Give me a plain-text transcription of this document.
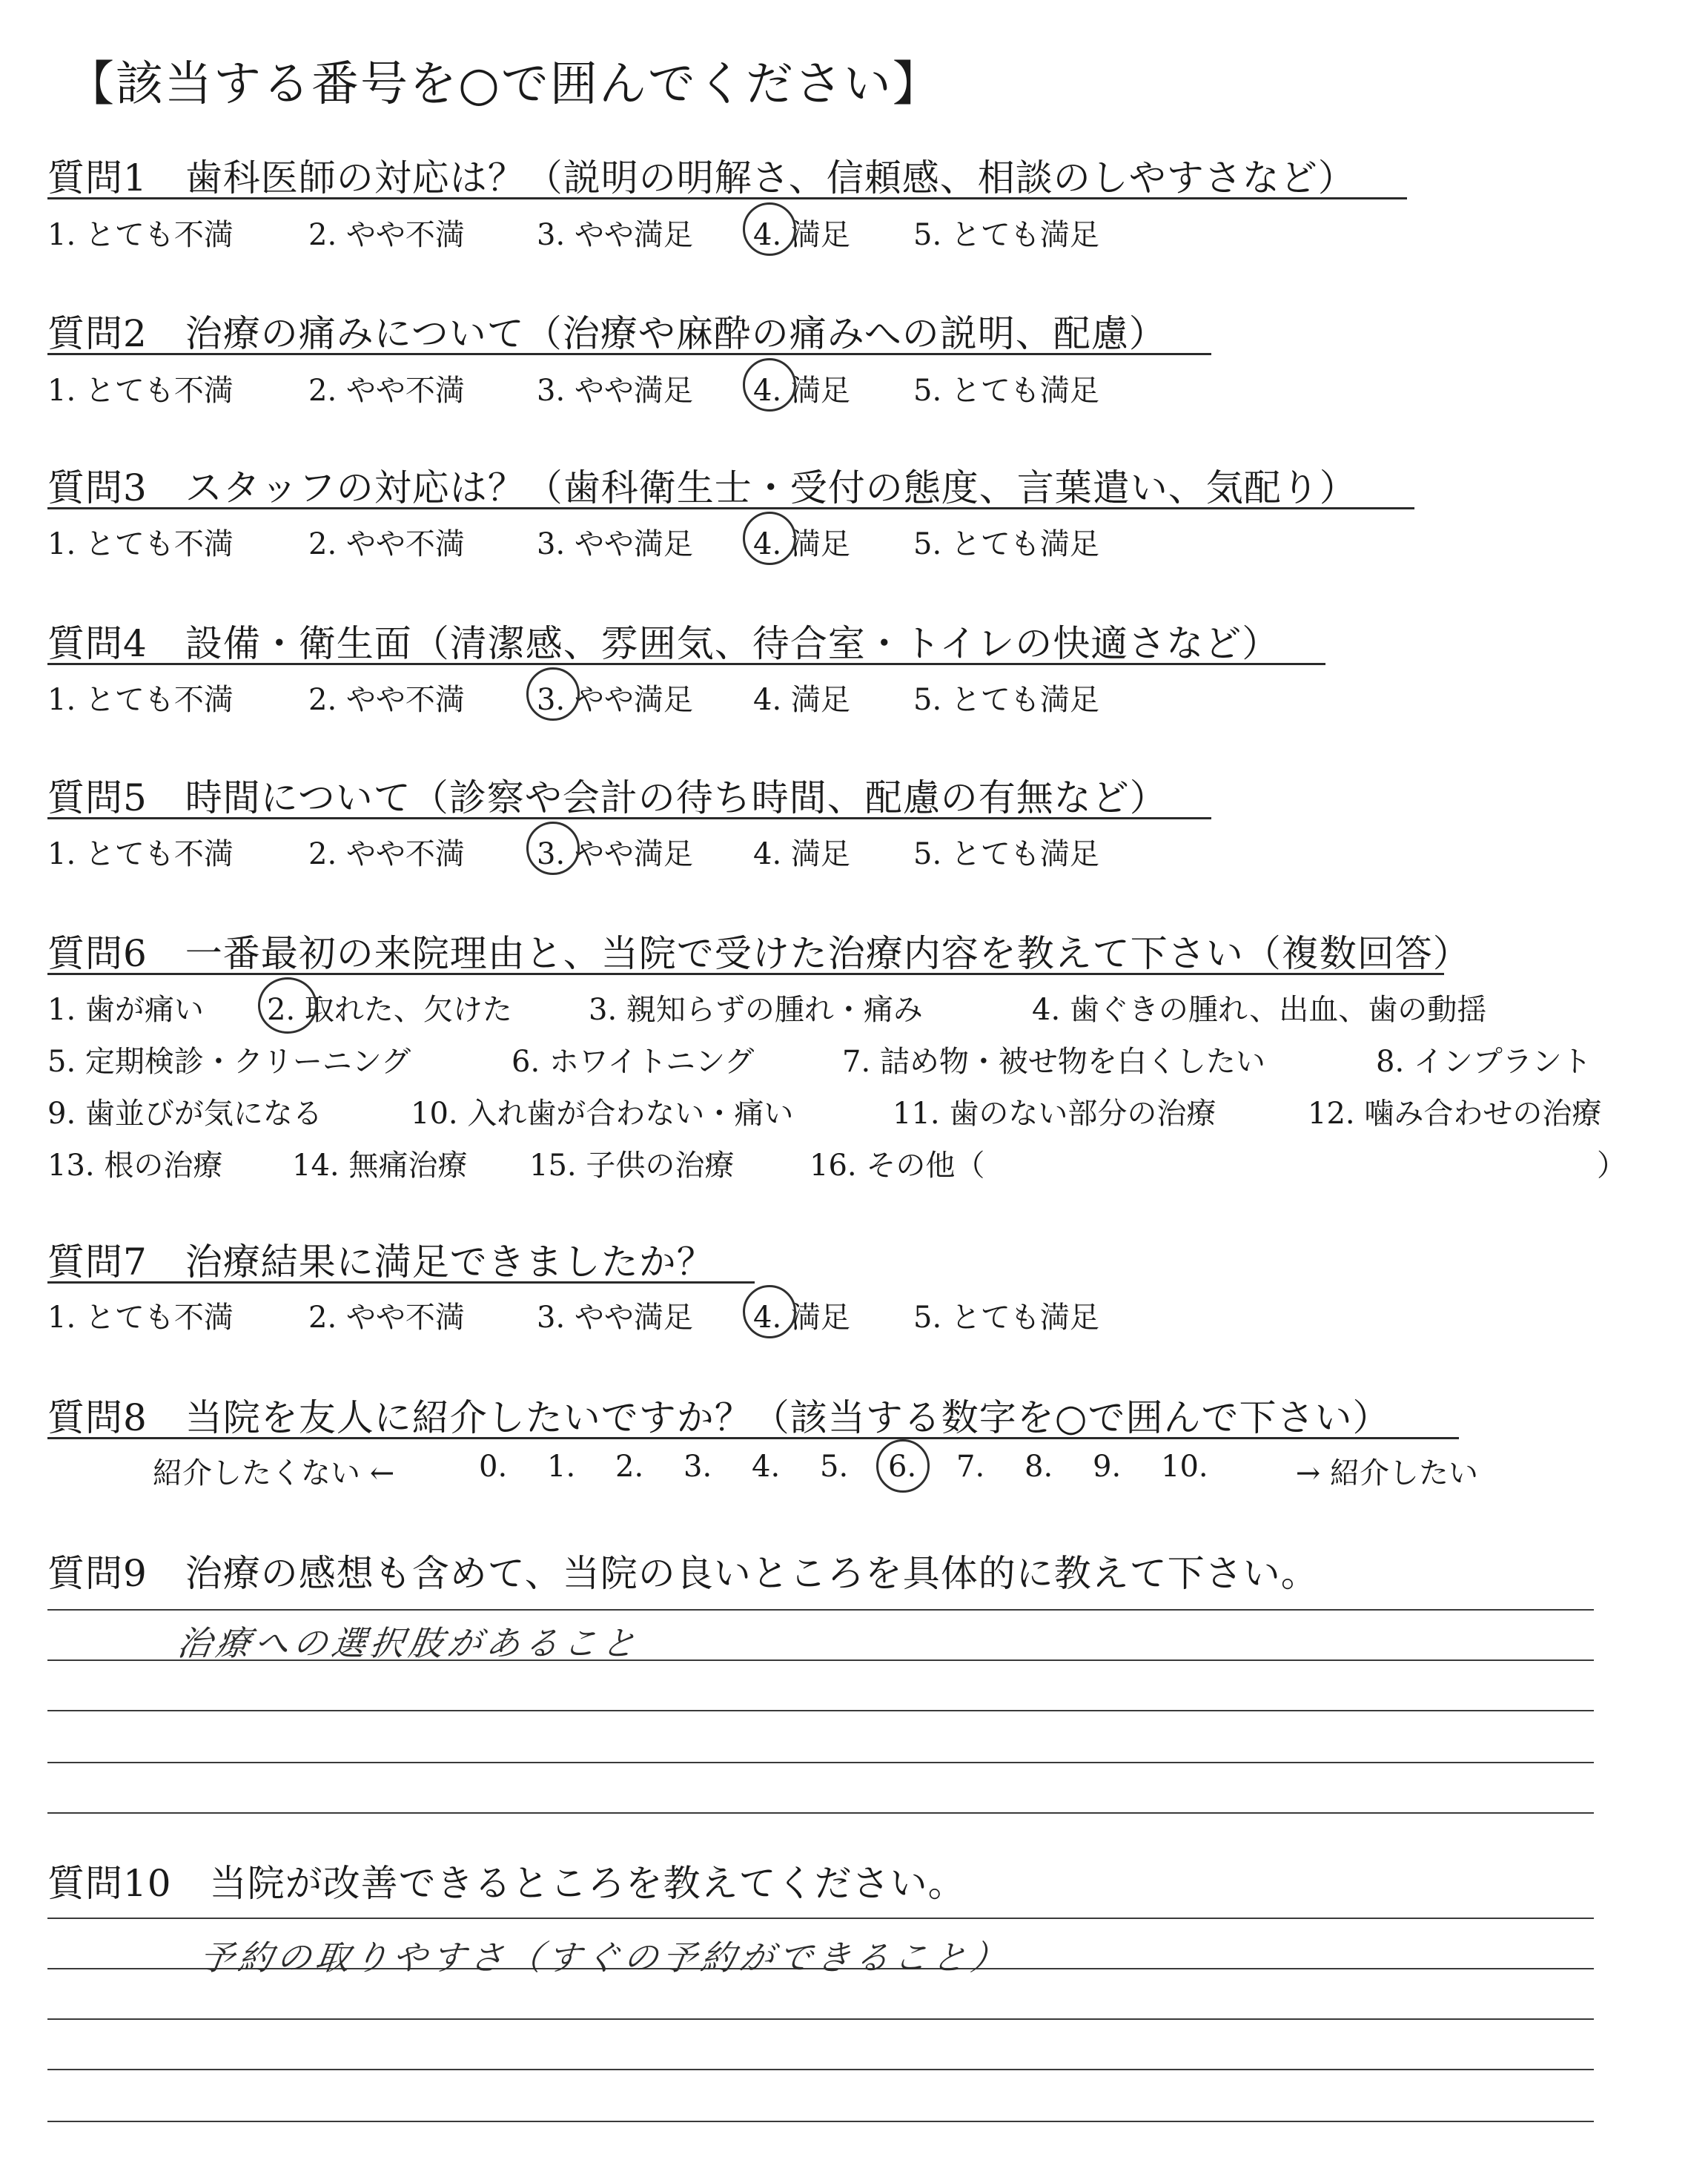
【該当する番号を○で囲んでください】
質問1　歯科医師の対応は？（説明の明解さ、信頼感、相談のしやすさなど）
1. とても不満	2. やや不満 3. やや満足 4. 満足 5. とても満足
質問2　治療の痛みについて（治療や麻酔の痛みへの説明、配慮）
1. とても不満	2. やや不満 3. やや満足 4. 満足 5. とても満足
質問3　スタッフの対応は？（歯科衛生士・受付の態度、言葉遣い、気配り）
1. とても不満	2. やや不満 3. やや満足 4. 満足 5. とても満足
質問4　設備・衛生面（清潔感、雰囲気、待合室・トイレの快適さなど）
1. とても不満	2. やや不満 3. やや満足 4. 満足 5. とても満足
質問5　時間について（診察や会計の待ち時間、配慮の有無など）
1. とても不満	2. やや不満 3. やや満足 4. 満足 5. とても満足
質問6　一番最初の来院理由と、当院で受けた治療内容を教えて下さい（複数回答）
1. 歯が痛い 2. 取れた、欠けた	3. 親知らずの腫れ・痛み	4. 歯ぐきの腫れ、出血、歯の動揺
5. 定期検診・クリーニング	6. ホワイトニング	7. 詰め物・被せ物を白くしたい	8. インプラント
9. 歯並びが気になる	10. 入れ歯が合わない・痛い	11. 歯のない部分の治療	12. 噛み合わせの治療
13. 根の治療 14. 無痛治療 15. 子供の治療	16. その他（	）
質問7　治療結果に満足できましたか？
1. とても不満	2. やや不満 3. やや満足 4. 満足 5. とても満足
質問8　当院を友人に紹介したいですか？（該当する数字を○で囲んで下さい）
紹介したくない ←	→ 紹介したい
0. 1. 2. 3. 4. 5. 6. 7. 8. 9. 10.
質問9　治療の感想も含めて、当院の良いところを具体的に教えて下さい。
治療への選択肢があること
質問10　当院が改善できるところを教えてください。
予約の取りやすさ（すぐの予約ができること）
